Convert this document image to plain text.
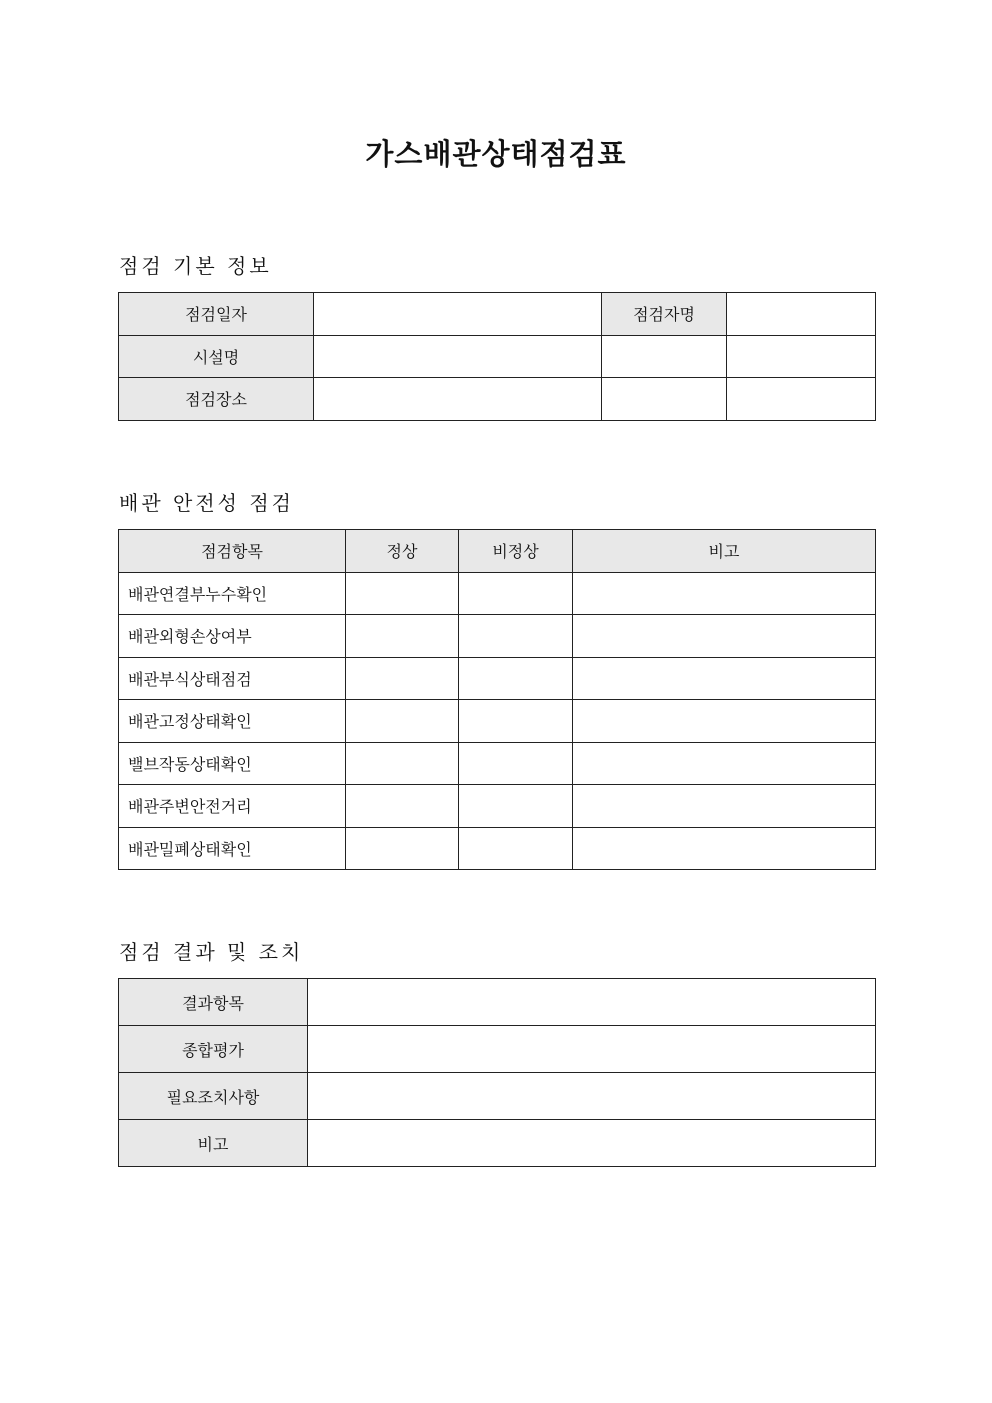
가스배관상태점검표
점검 기본 정보
점검일자		점검자명	
시설명			
점검장소			
배관 안전성 점검
점검항목	정상	비정상	비고
배관연결부누수확인			
배관외형손상여부			
배관부식상태점검			
배관고정상태확인			
밸브작동상태확인			
배관주변안전거리			
배관밀폐상태확인			
점검 결과 및 조치
결과항목	
종합평가	
필요조치사항	
비고	
